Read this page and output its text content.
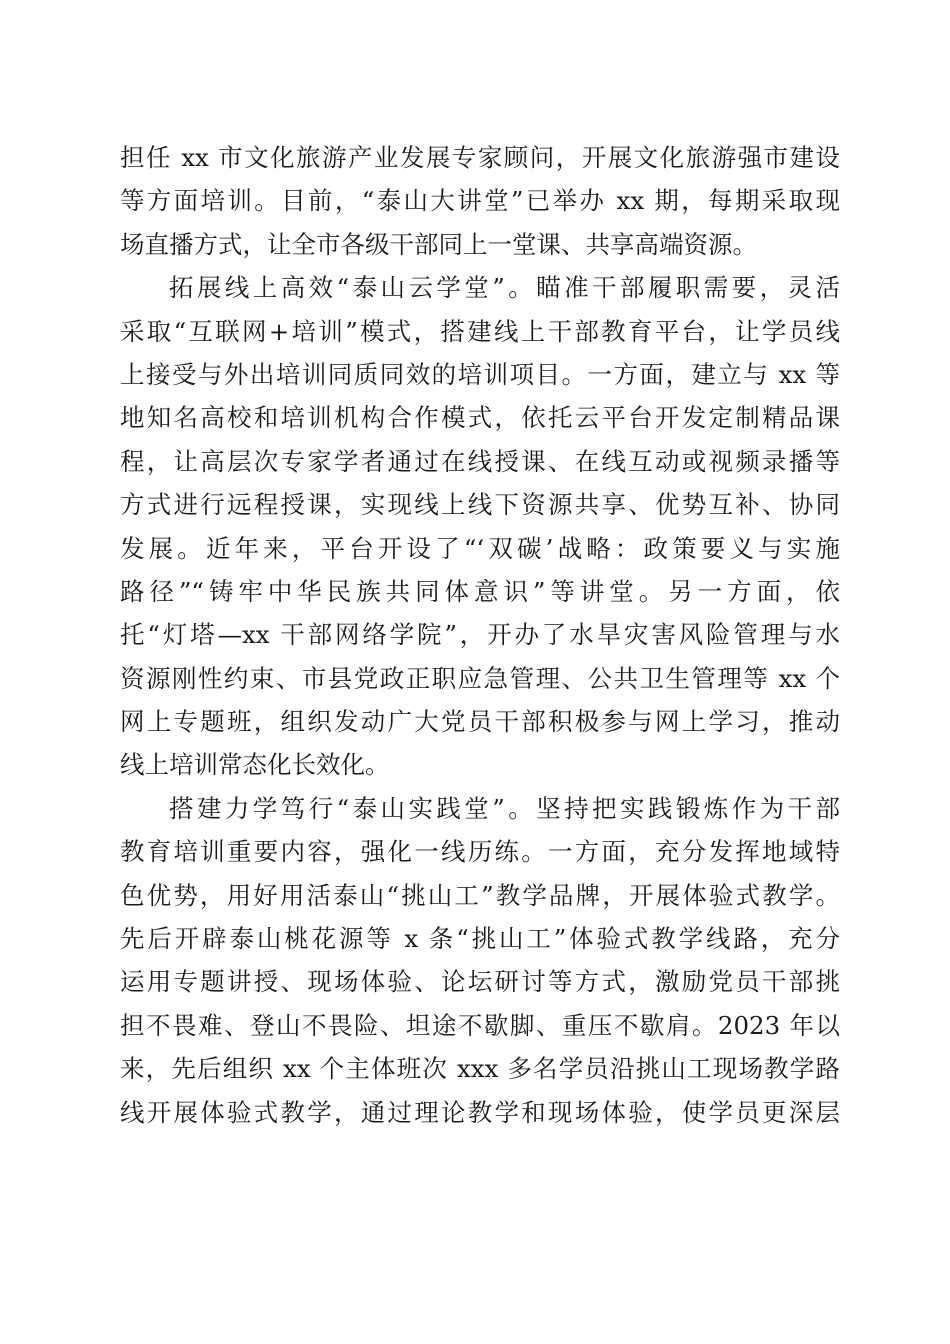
担任 xx 市文化旅游产业发展专家顾问，开展文化旅游强市建设
等方面培训。目前，“泰山大讲堂”已举办 xx 期，每期采取现
场直播方式，让全市各级干部同上一堂课、共享高端资源。
拓展线上高效“泰山云学堂”。瞄准干部履职需要，灵活
采取“互联网+培训”模式，搭建线上干部教育平台，让学员线
上接受与外出培训同质同效的培训项目。一方面，建立与 xx 等
地知名高校和培训机构合作模式，依托云平台开发定制精品课
程，让高层次专家学者通过在线授课、在线互动或视频录播等
方式进行远程授课，实现线上线下资源共享、优势互补、协同
发展。近年来，平台开设了“‘双碳’战略：政策要义与实施
路径”“铸牢中华民族共同体意识”等讲堂。另一方面，依
托“灯塔—xx 干部网络学院”，开办了水旱灾害风险管理与水
资源刚性约束、市县党政正职应急管理、公共卫生管理等 xx 个
网上专题班，组织发动广大党员干部积极参与网上学习，推动
线上培训常态化长效化。
搭建力学笃行“泰山实践堂”。坚持把实践锻炼作为干部
教育培训重要内容，强化一线历练。一方面，充分发挥地域特
色优势，用好用活泰山“挑山工”教学品牌，开展体验式教学。
先后开辟泰山桃花源等 x 条“挑山工”体验式教学线路，充分
运用专题讲授、现场体验、论坛研讨等方式，激励党员干部挑
担不畏难、登山不畏险、坦途不歇脚、重压不歇肩。2023 年以
来，先后组织 xx 个主体班次 xxx 多名学员沿挑山工现场教学路
线开展体验式教学，通过理论教学和现场体验，使学员更深层
